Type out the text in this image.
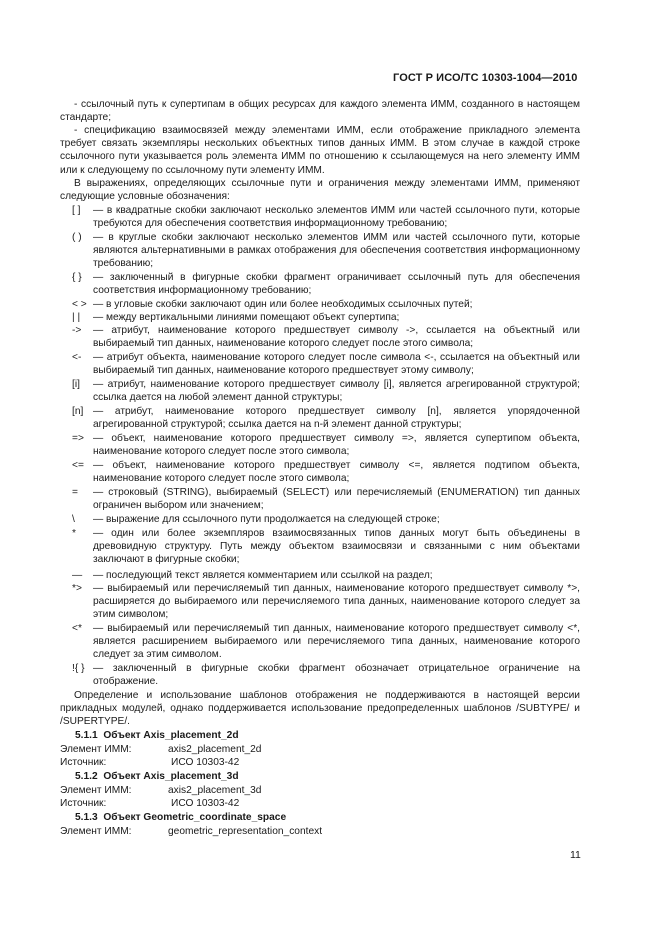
ГОСТ Р ИСО/ТС 10303-1004—2010
- ссылочный путь к супертипам в общих ресурсах для каждого элемента ИММ, созданного в настоящем стандарте;
- спецификацию взаимосвязей между элементами ИММ, если отображение прикладного элемента требует связать экземпляры нескольких объектных типов данных ИММ. В этом случае в каждой строке ссылочного пути указывается роль элемента ИММ по отношению к ссылающемуся на него элементу ИММ или к следующему по ссылочному пути элементу ИММ.
В выражениях, определяющих ссылочные пути и ограничения между элементами ИММ, применяют следующие условные обозначения:
[ ] — в квадратные скобки заключают несколько элементов ИММ или частей ссылочного пути, которые требуются для обеспечения соответствия информационному требованию;
( ) — в круглые скобки заключают несколько элементов ИММ или частей ссылочного пути, которые являются альтернативными в рамках отображения для обеспечения соответствия информационному требованию;
{ } — заключенный в фигурные скобки фрагмент ограничивает ссылочный путь для обеспечения соответствия информационному требованию;
< > — в угловые скобки заключают один или более необходимых ссылочных путей;
| | — между вертикальными линиями помещают объект супертипа;
-> — атрибут, наименование которого предшествует символу ->, ссылается на объектный или выбираемый тип данных, наименование которого следует после этого символа;
<- — атрибут объекта, наименование которого следует после символа <-, ссылается на объектный или выбираемый тип данных, наименование которого предшествует этому символу;
[i] — атрибут, наименование которого предшествует символу [i], является агрегированной структурой; ссылка дается на любой элемент данной структуры;
[n] — атрибут, наименование которого предшествует символу [n], является упорядоченной агрегированной структурой; ссылка дается на n-й элемент данной структуры;
=> — объект, наименование которого предшествует символу =>, является супертипом объекта, наименование которого следует после этого символа;
<= — объект, наименование которого предшествует символу <=, является подтипом объекта, наименование которого следует после этого символа;
= — строковый (STRING), выбираемый (SELECT) или перечисляемый (ENUMERATION) тип данных ограничен выбором или значением;
\ — выражение для ссылочного пути продолжается на следующей строке;
* — один или более экземпляров взаимосвязанных типов данных могут быть объединены в древовидную структуру. Путь между объектом взаимосвязи и связанными с ним объектами заключают в фигурные скобки;
— — последующий текст является комментарием или ссылкой на раздел;
*> — выбираемый или перечисляемый тип данных, наименование которого предшествует символу *>, расширяется до выбираемого или перечисляемого типа данных, наименование которого следует за этим символом;
<* — выбираемый или перечисляемый тип данных, наименование которого предшествует символу <*, является расширением выбираемого или перечисляемого типа данных, наименование которого следует за этим символом.
!{ } — заключенный в фигурные скобки фрагмент обозначает отрицательное ограничение на отображение.
Определение и использование шаблонов отображения не поддерживаются в настоящей версии прикладных модулей, однако поддерживается использование предопределенных шаблонов /SUBTYPE/ и /SUPERTYPE/.
5.1.1 Объект Axis_placement_2d
Элемент ИММ:	axis2_placement_2d
Источник:	ИСО 10303-42
5.1.2 Объект Axis_placement_3d
Элемент ИММ:	axis2_placement_3d
Источник:	ИСО 10303-42
5.1.3 Объект Geometric_coordinate_space
Элемент ИММ:	geometric_representation_context
11
